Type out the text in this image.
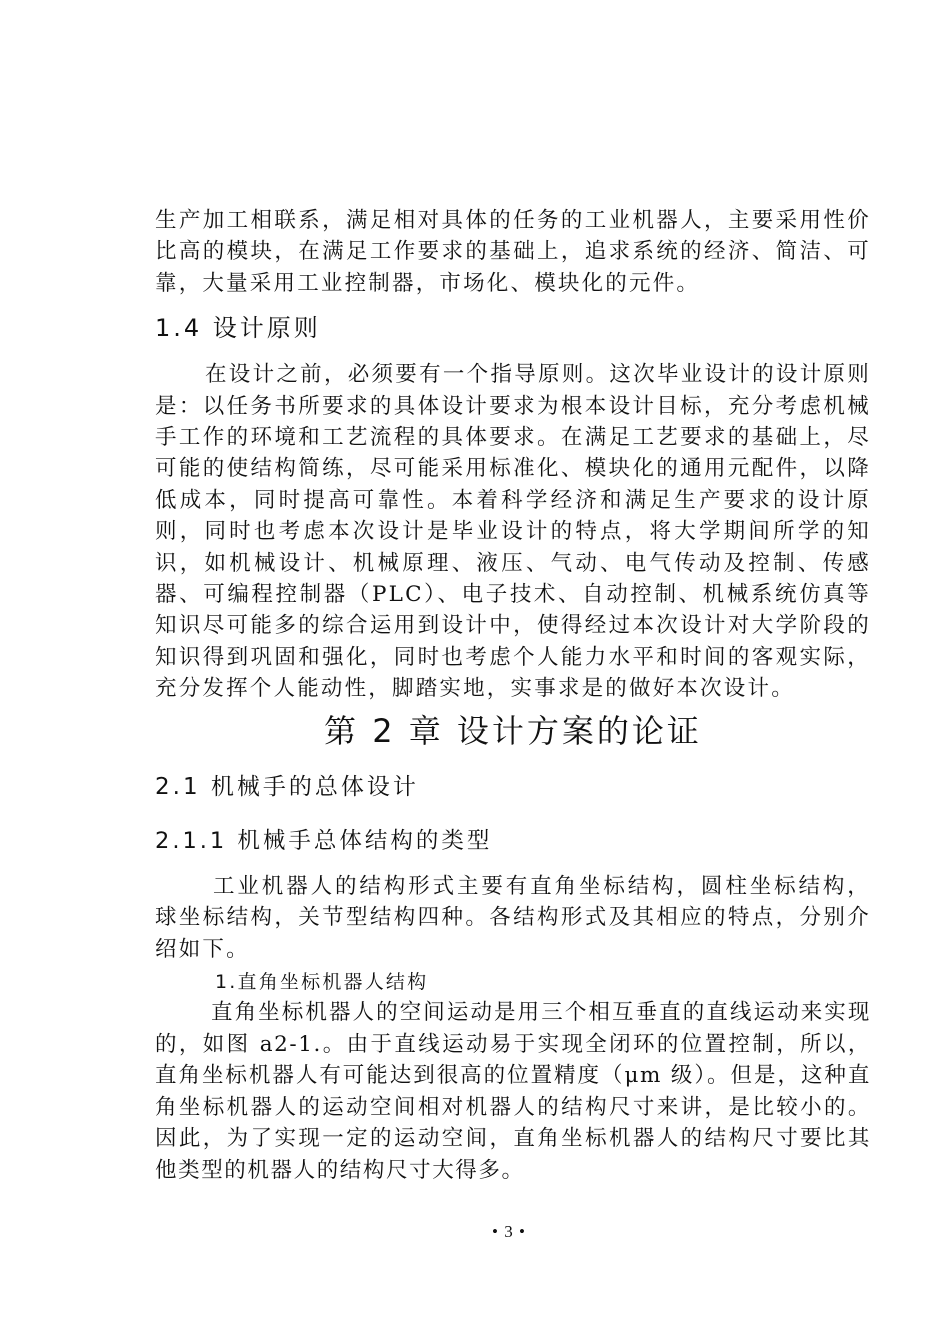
生产加工相联系，满足相对具体的任务的工业机器人，主要采用性价比高的模块，在满足工作要求的基础上，追求系统的经济、简洁、可靠，大量采用工业控制器，市场化、模块化的元件。

1.4 设计原则

在设计之前，必须要有一个指导原则。这次毕业设计的设计原则是：以任务书所要求的具体设计要求为根本设计目标，充分考虑机械手工作的环境和工艺流程的具体要求。在满足工艺要求的基础上，尽可能的使结构简练，尽可能采用标准化、模块化的通用元配件，以降低成本，同时提高可靠性。本着科学经济和满足生产要求的设计原则，同时也考虑本次设计是毕业设计的特点，将大学期间所学的知识，如机械设计、机械原理、液压、气动、电气传动及控制、传感器、可编程控制器（PLC）、电子技术、自动控制、机械系统仿真等知识尽可能多的综合运用到设计中，使得经过本次设计对大学阶段的知识得到巩固和强化，同时也考虑个人能力水平和时间的客观实际，充分发挥个人能动性，脚踏实地，实事求是的做好本次设计。

第 2 章 设计方案的论证
2.1 机械手的总体设计
2.1.1 机械手总体结构的类型

工业机器人的结构形式主要有直角坐标结构，圆柱坐标结构，球坐标结构，关节型结构四种。各结构形式及其相应的特点，分别介绍如下。

1.直角坐标机器人结构

直角坐标机器人的空间运动是用三个相互垂直的直线运动来实现的，如图 a2-1.。由于直线运动易于实现全闭环的位置控制，所以，直角坐标机器人有可能达到很高的位置精度（μm 级）。但是，这种直角坐标机器人的运动空间相对机器人的结构尺寸来讲，是比较小的。因此，为了实现一定的运动空间，直角坐标机器人的结构尺寸要比其他类型的机器人的结构尺寸大得多。

• 3 •
